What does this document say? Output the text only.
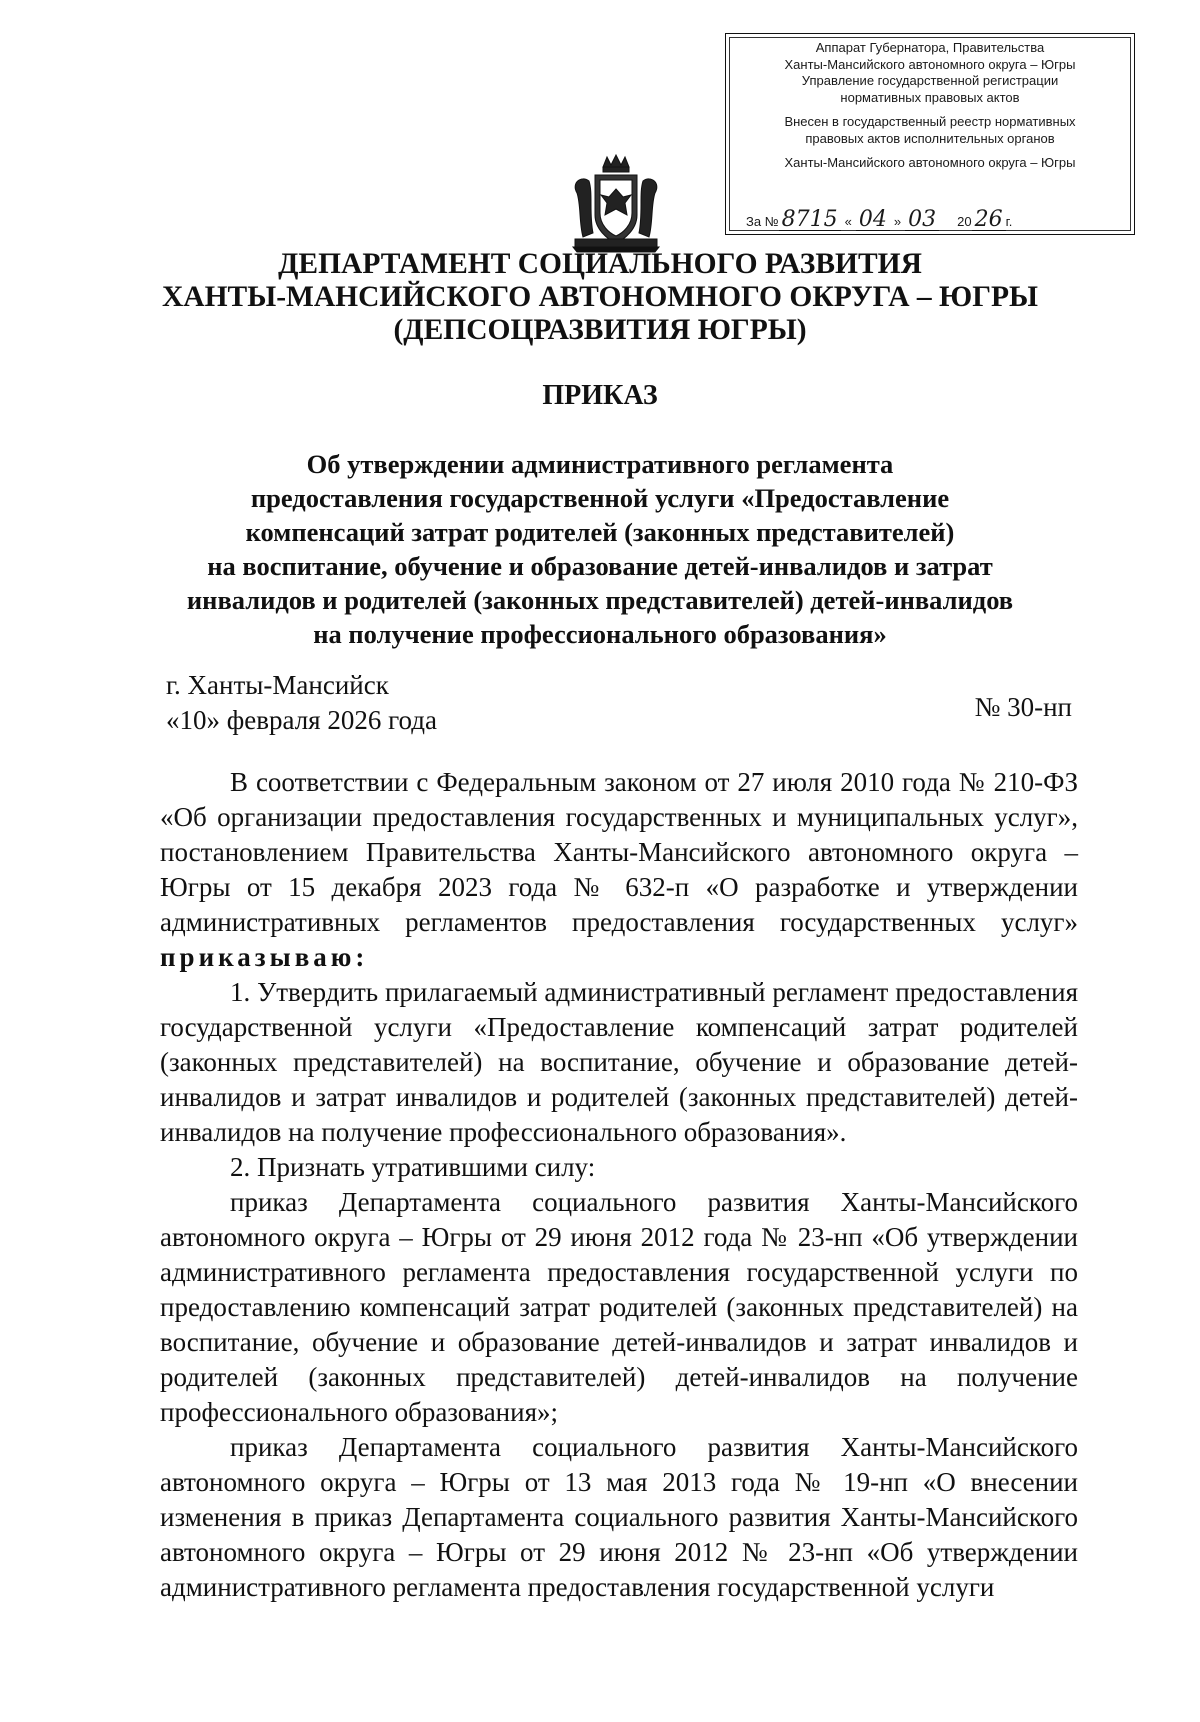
Аппарат Губернатора, Правительства
Ханты-Мансийского автономного округа – Югры
Управление государственной регистрации
нормативных правовых актов
Внесен в государственный реестр нормативных
правовых актов исполнительных органов
Ханты-Мансийского автономного округа – Югры
За № 8715 « 04 » 03 20 26 г.
ДЕПАРТАМЕНТ СОЦИАЛЬНОГО РАЗВИТИЯ
ХАНТЫ-МАНСИЙСКОГО АВТОНОМНОГО ОКРУГА – ЮГРЫ
(ДЕПСОЦРАЗВИТИЯ ЮГРЫ)
ПРИКАЗ
Об утверждении административного регламента
предоставления государственной услуги «Предоставление
компенсаций затрат родителей (законных представителей)
на воспитание, обучение и образование детей-инвалидов и затрат
инвалидов и родителей (законных представителей) детей-инвалидов
на получение профессионального образования»
г. Ханты-Мансийск
«10» февраля 2026 года	№ 30-нп

В соответствии с Федеральным законом от 27 июля 2010 года № 210-ФЗ «Об организации предоставления государственных и муниципальных услуг», постановлением Правительства Ханты-Мансийского автономного округа – Югры от 15 декабря 2023 года № 632-п «О разработке и утверждении административных регламентов предоставления государственных услуг» приказываю:

1. Утвердить прилагаемый административный регламент предоставления государственной услуги «Предоставление компенсаций затрат родителей (законных представителей) на воспитание, обучение и образование детей-инвалидов и затрат инвалидов и родителей (законных представителей) детей-инвалидов на получение профессионального образования».

2. Признать утратившими силу:

приказ Департамента социального развития Ханты-Мансийского автономного округа – Югры от 29 июня 2012 года № 23-нп «Об утверждении административного регламента предоставления государственной услуги по предоставлению компенсаций затрат родителей (законных представителей) на воспитание, обучение и образование детей-инвалидов и затрат инвалидов и родителей (законных представителей) детей-инвалидов на получение профессионального образования»;

приказ Департамента социального развития Ханты-Мансийского автономного округа – Югры от 13 мая 2013 года № 19-нп «О внесении изменения в приказ Департамента социального развития Ханты-Мансийского автономного округа – Югры от 29 июня 2012 № 23-нп «Об утверждении административного регламента предоставления государственной услуги
